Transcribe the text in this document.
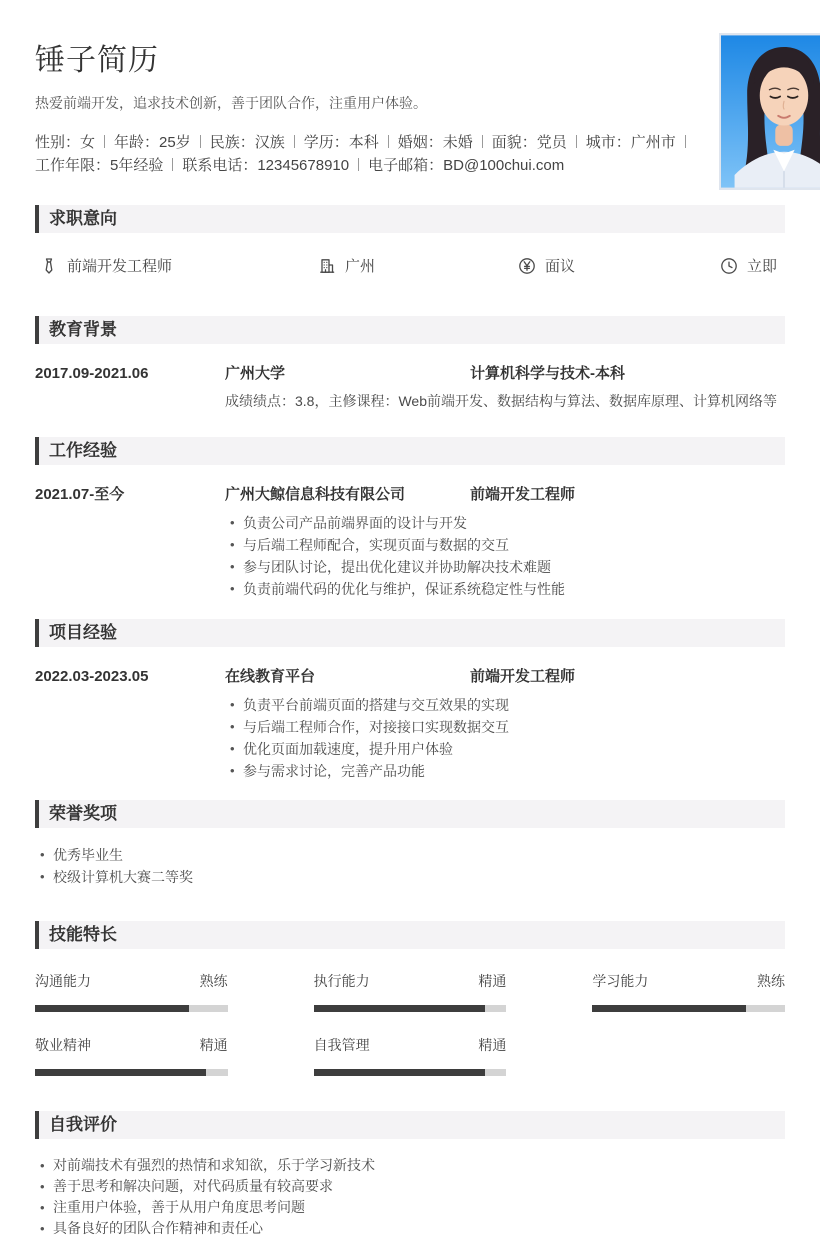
锤子简历

热爱前端开发，追求技术创新，善于团队合作，注重用户体验。

性别：女 年龄：25岁 民族：汉族 学历：本科 婚姻：未婚 面貌：党员 城市：广州市
工作年限：5年经验 联系电话：12345678910 电子邮箱：BD@100chui.com
求职意向
前端开发工程师	广州	面议	立即
教育背景
2017.09-2021.06	广州大学	计算机科学与技术-本科
成绩绩点：3.8，主修课程：Web前端开发、数据结构与算法、数据库原理、计算机网络等
工作经验
2021.07-至今	广州大鲸信息科技有限公司	前端开发工程师
• 负责公司产品前端界面的设计与开发
• 与后端工程师配合，实现页面与数据的交互
• 参与团队讨论，提出优化建议并协助解决技术难题
• 负责前端代码的优化与维护，保证系统稳定性与性能
项目经验
2022.03-2023.05	在线教育平台	前端开发工程师
• 负责平台前端页面的搭建与交互效果的实现
• 与后端工程师合作，对接接口实现数据交互
• 优化页面加载速度，提升用户体验
• 参与需求讨论，完善产品功能
荣誉奖项
• 优秀毕业生
• 校级计算机大赛二等奖
技能特长
沟通能力	熟练	执行能力	精通	学习能力	熟练
敬业精神	精通	自我管理	精通
自我评价
• 对前端技术有强烈的热情和求知欲，乐于学习新技术
• 善于思考和解决问题，对代码质量有较高要求
• 注重用户体验，善于从用户角度思考问题
• 具备良好的团队合作精神和责任心
